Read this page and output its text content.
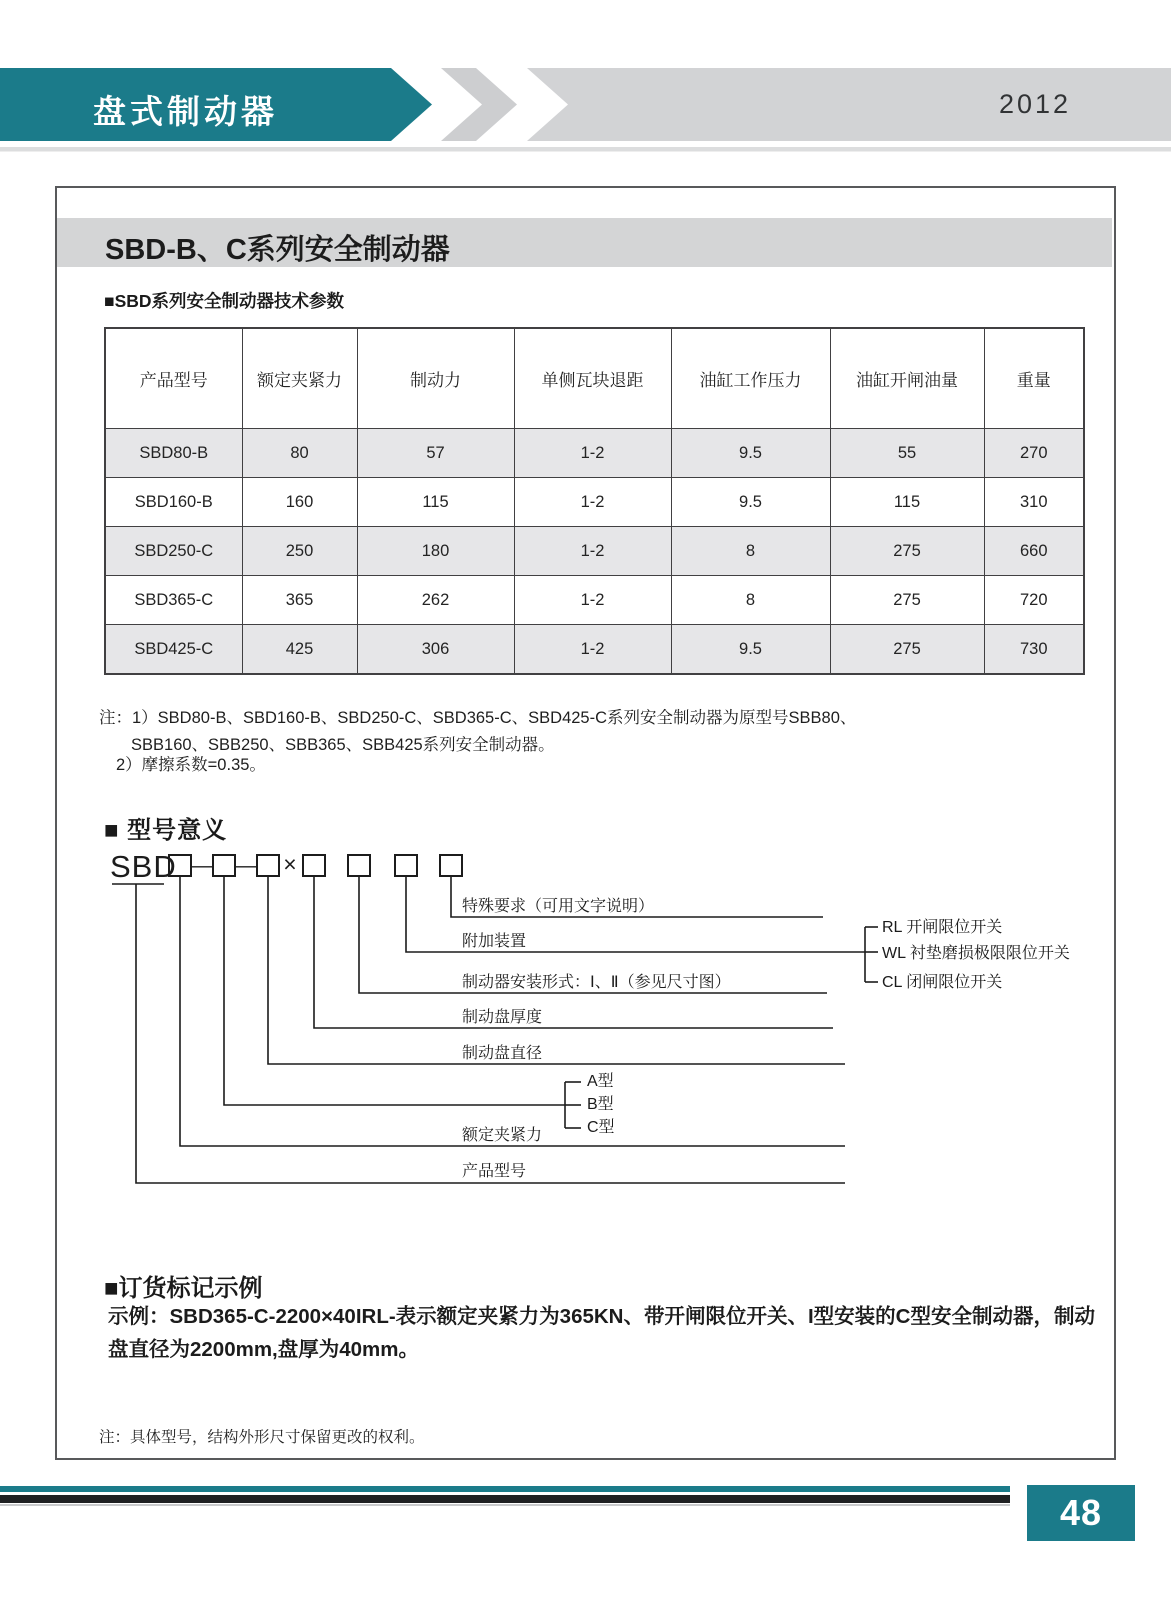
盘式制动器	2012
SBD-B、C系列安全制动器
■SBD系列安全制动器技术参数
产品型号	额定夹紧力	制动力	单侧瓦块退距	油缸工作压力	油缸开闸油量	重量
SBD80-B	80	57	1-2	9.5	55	270
SBD160-B	160	115	1-2	9.5	115	310
SBD250-C	250	180	1-2	8	275	660
SBD365-C	365	262	1-2	8	275	720
SBD425-C	425	306	1-2	9.5	275	730
注：1）SBD80-B、SBD160-B、SBD250-C、SBD365-C、SBD425-C系列安全制动器为原型号SBB80、
SBB160、SBB250、SBB365、SBB425系列安全制动器。
2）摩擦系数=0.35。
■ 型号意义
SBD — — ×
特殊要求（可用文字说明）
附加装置
制动器安装形式：Ⅰ、Ⅱ（参见尺寸图）
制动盘厚度
制动盘直径
A型
B型
C型
额定夹紧力
产品型号
RL 开闸限位开关
WL 衬垫磨损极限限位开关
CL 闭闸限位开关
■订货标记示例
示例：SBD365-C-2200×40IRL-表示额定夹紧力为365KN、带开闸限位开关、I型安装的C型安全制动器，制动盘直径为2200mm,盘厚为40mm。
注：具体型号，结构外形尺寸保留更改的权利。
48
